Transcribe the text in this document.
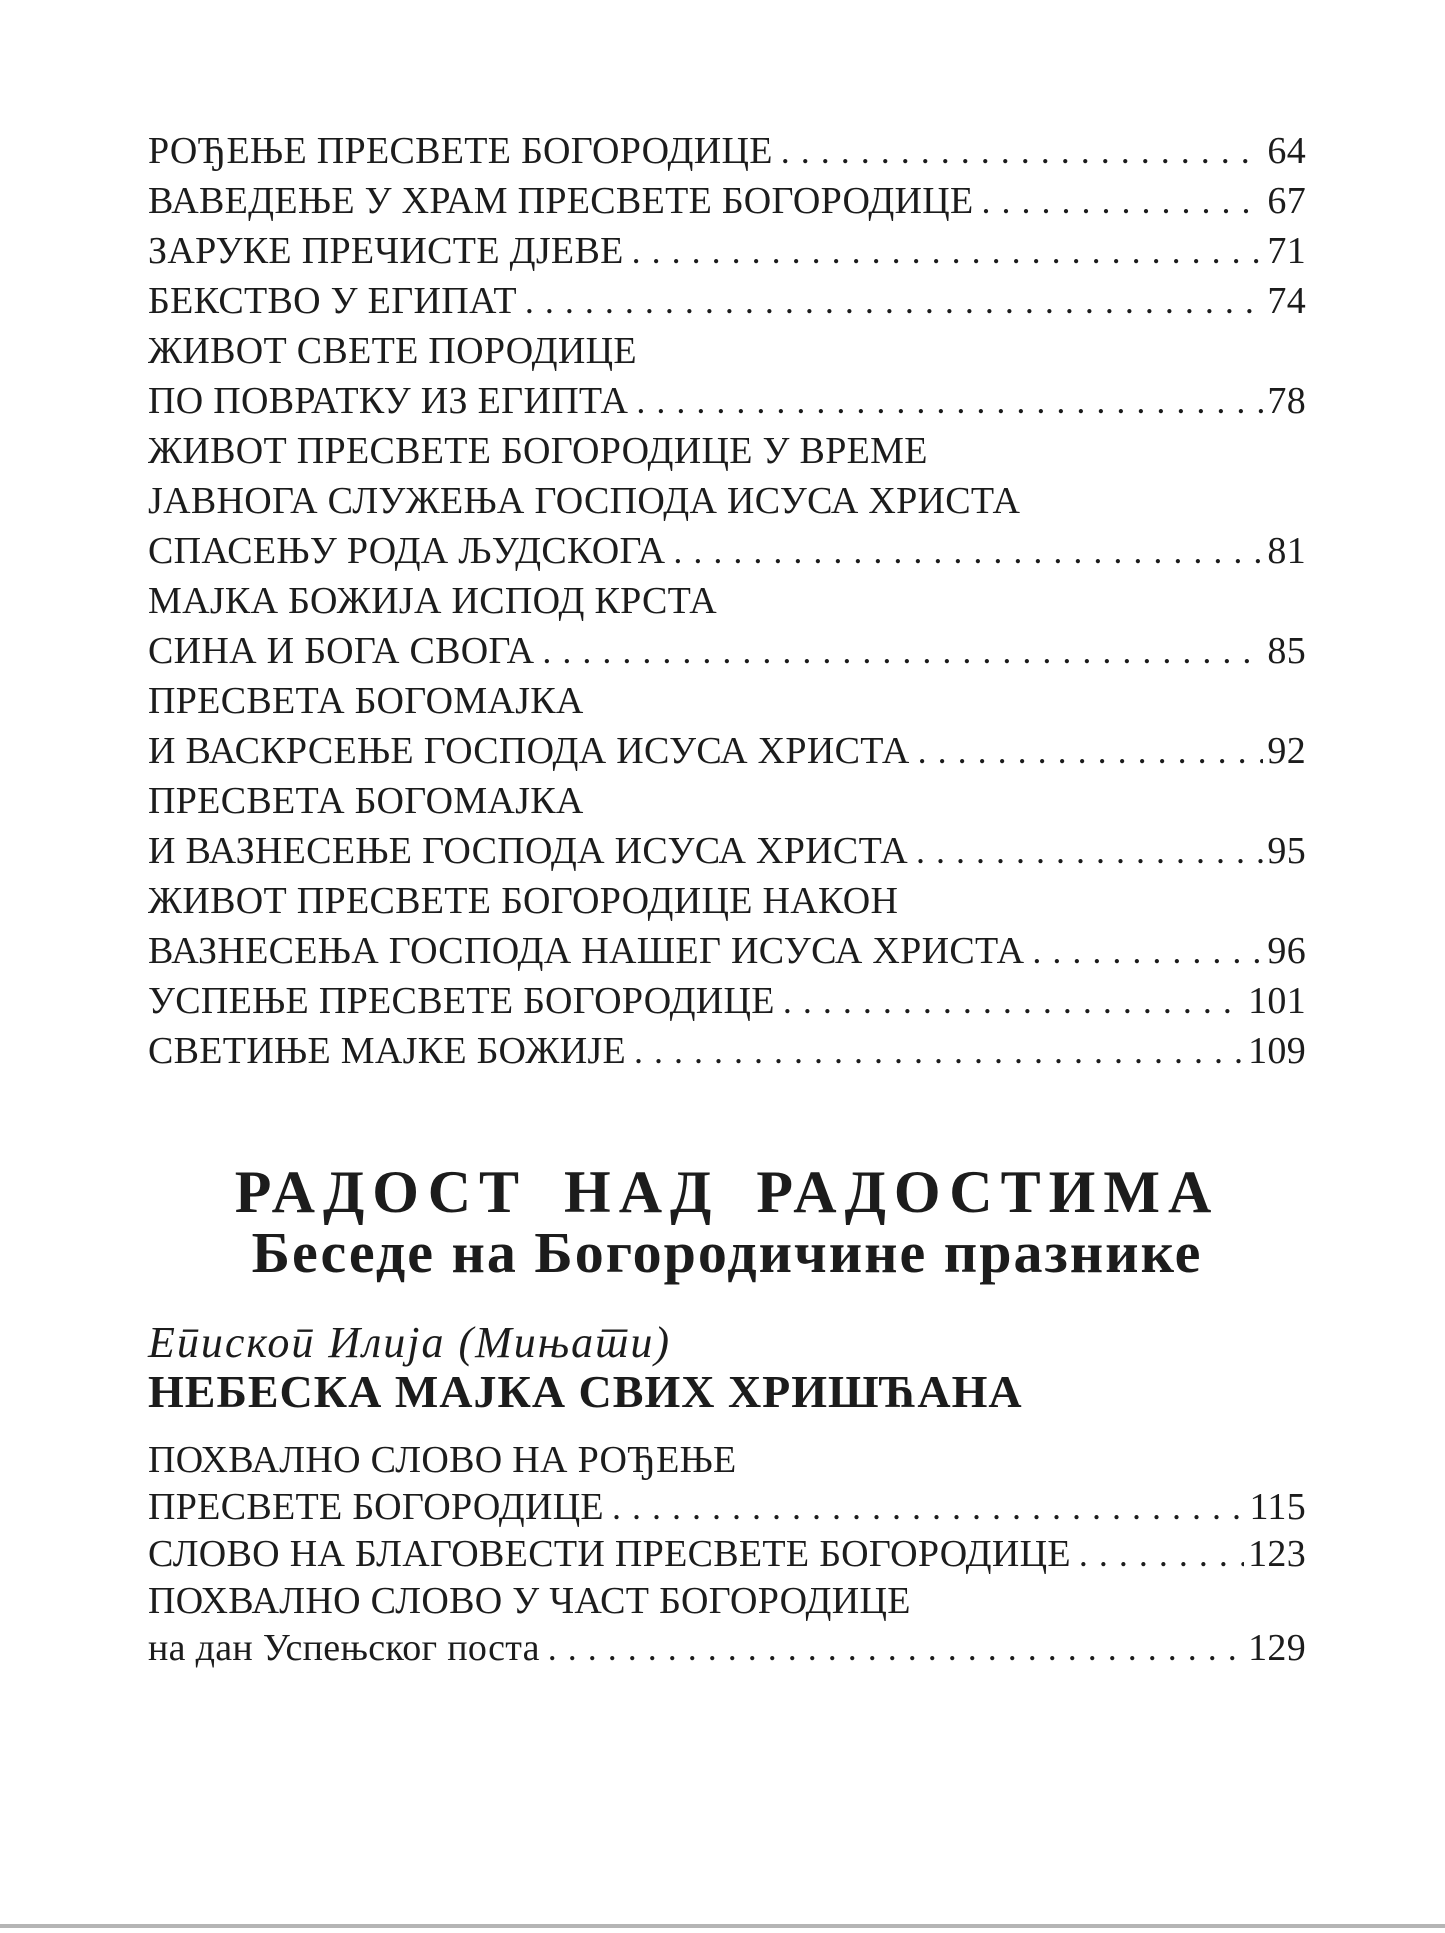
РОЂЕЊЕ ПРЕСВЕТЕ БОГОРОДИЦЕ .....	64
ВАВЕДЕЊЕ У ХРАМ ПРЕСВЕТЕ БОГОРОДИЦЕ .....	67
ЗАРУКЕ ПРЕЧИСТЕ ДЈЕВЕ .....	71
БЕКСТВО У ЕГИПАТ .....	74
ЖИВОТ СВЕТЕ ПОРОДИЦЕ
ПО ПОВРАТКУ ИЗ ЕГИПТА .....	78
ЖИВОТ ПРЕСВЕТЕ БОГОРОДИЦЕ У ВРЕМЕ
ЈАВНОГА СЛУЖЕЊА ГОСПОДА ИСУСА ХРИСТА
СПАСЕЊУ РОДА ЉУДСКОГА .....	81
МАЈКА БОЖИЈА ИСПОД КРСТА
СИНА И БОГА СВОГА .....	85
ПРЕСВЕТА БОГОМАЈКА
И ВАСКРСЕЊЕ ГОСПОДА ИСУСА ХРИСТА .....	92
ПРЕСВЕТА БОГОМАЈКА
И ВАЗНЕСЕЊЕ ГОСПОДА ИСУСА ХРИСТА .....	95
ЖИВОТ ПРЕСВЕТЕ БОГОРОДИЦЕ НАКОН
ВАЗНЕСЕЊА ГОСПОДА НАШЕГ ИСУСА ХРИСТА .....	96
УСПЕЊЕ ПРЕСВЕТЕ БОГОРОДИЦЕ .....	101
СВЕТИЊЕ МАЈКЕ БОЖИЈЕ .....	109
РАДОСТ НАД РАДОСТИМА
Беседе на Богородичине празнике
Епископ Илија (Мињати)
НЕБЕСКА МАЈКА СВИХ ХРИШЋАНА
ПОХВАЛНО СЛОВО НА РОЂЕЊЕ
ПРЕСВЕТЕ БОГОРОДИЦЕ .....	115
СЛОВО НА БЛАГОВЕСТИ ПРЕСВЕТЕ БОГОРОДИЦЕ .....	123
ПОХВАЛНО СЛОВО У ЧАСТ БОГОРОДИЦЕ
на дан Успењског поста .....	129
